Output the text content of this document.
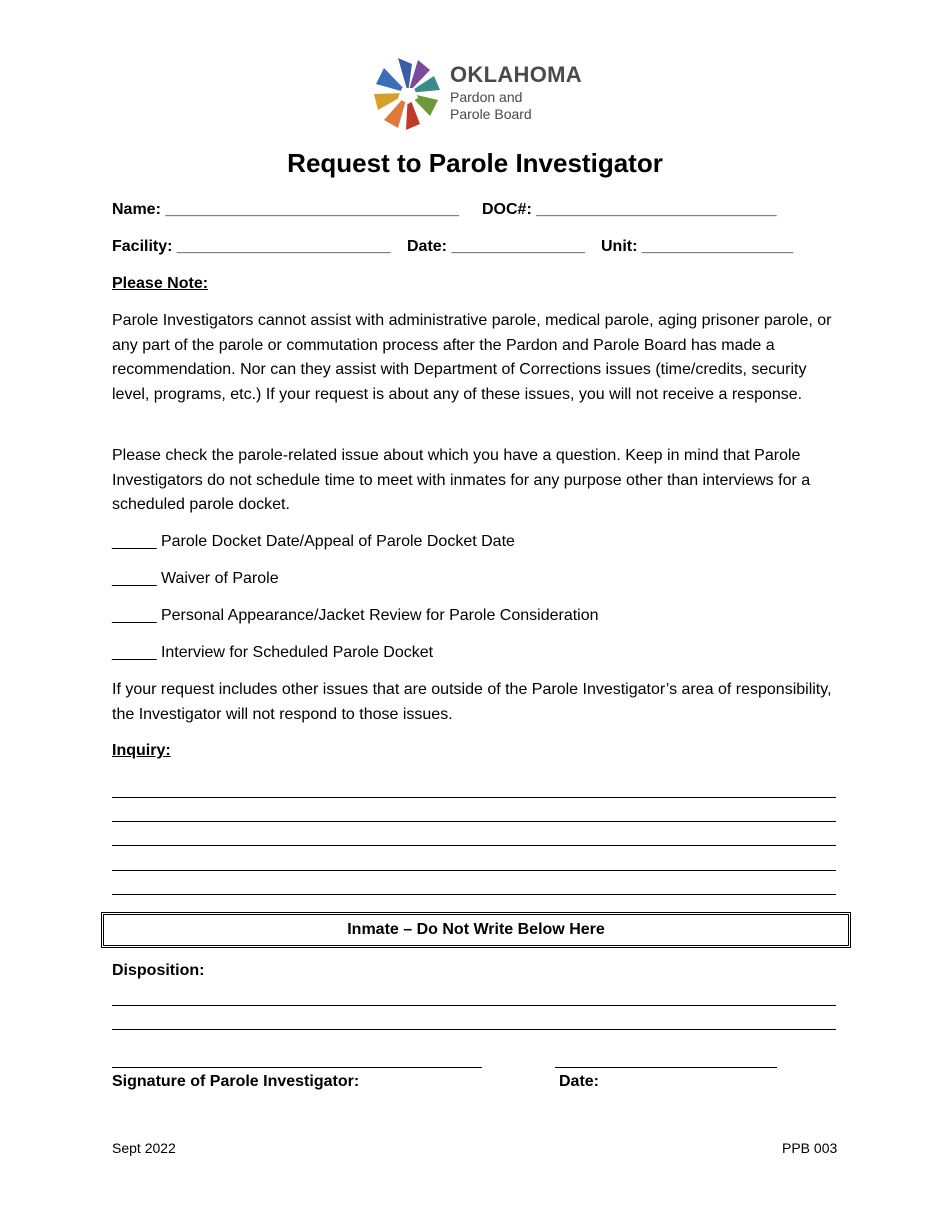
OKLAHOMA
Pardon and
Parole Board
Request to Parole Investigator
Name: _________________________________ DOC#: ___________________________
Facility: ________________________ Date: _______________ Unit: _________________
Please Note:
Parole Investigators cannot assist with administrative parole, medical parole, aging prisoner parole, or any part of the parole or commutation process after the Pardon and Parole Board has made a recommendation. Nor can they assist with Department of Corrections issues (time/credits, security level, programs, etc.) If your request is about any of these issues, you will not receive a response.
Please check the parole-related issue about which you have a question. Keep in mind that Parole Investigators do not schedule time to meet with inmates for any purpose other than interviews for a scheduled parole docket.
_____ Parole Docket Date/Appeal of Parole Docket Date
_____ Waiver of Parole
_____ Personal Appearance/Jacket Review for Parole Consideration
_____ Interview for Scheduled Parole Docket
If your request includes other issues that are outside of the Parole Investigator’s area of responsibility, the Investigator will not respond to those issues.
Inquiry:
Inmate – Do Not Write Below Here
Disposition:
Signature of Parole Investigator:	Date:
Sept 2022	PPB 003
